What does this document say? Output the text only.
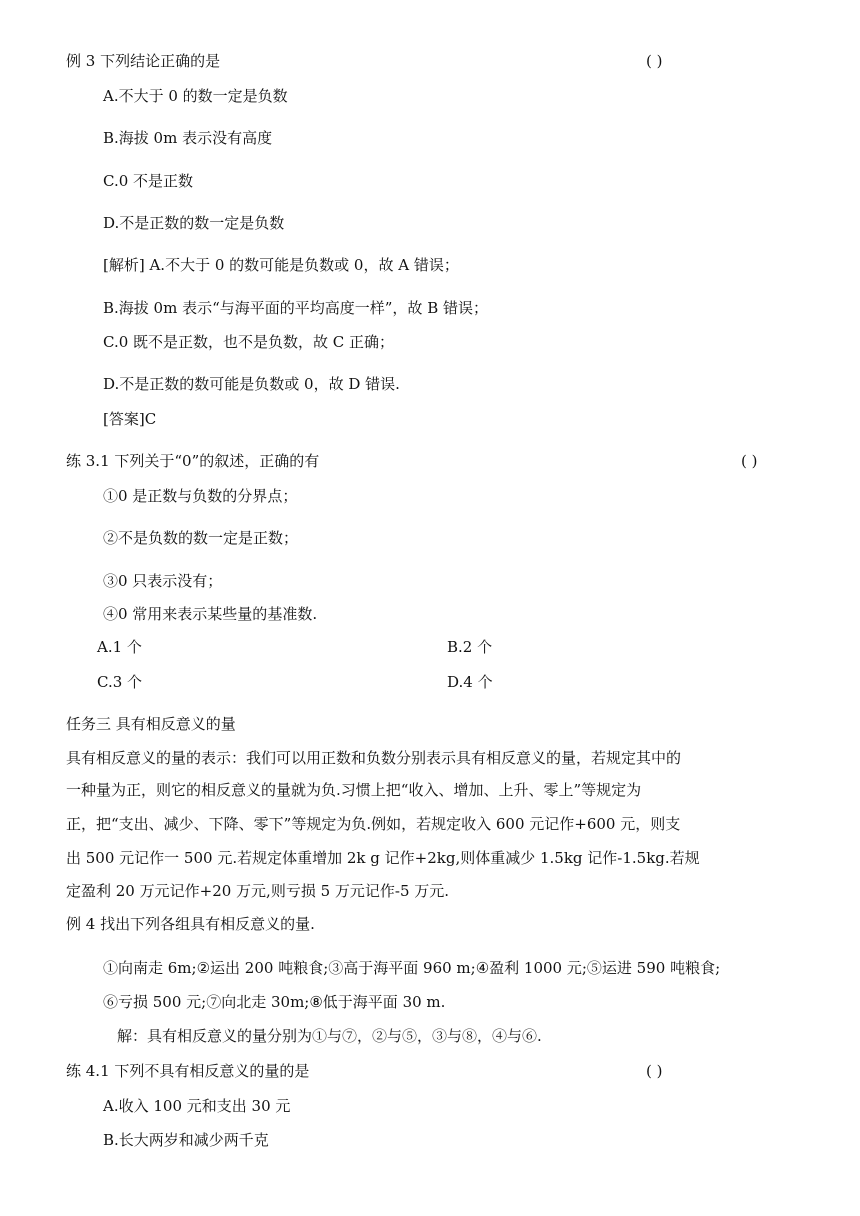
例 3 下列结论正确的是	( )
A.不大于 0 的数一定是负数
B.海拔 0m 表示没有高度
C.0 不是正数
D.不是正数的数一定是负数
[解析] A.不大于 0 的数可能是负数或 0，故 A 错误；
B.海拔 0m 表示“与海平面的平均高度一样”，故 B 错误；
C.0 既不是正数，也不是负数，故 C 正确；
D.不是正数的数可能是负数或 0，故 D 错误.
[答案]C
练 3.1 下列关于“0”的叙述，正确的有	( )
①0 是正数与负数的分界点；
②不是负数的数一定是正数；
③0 只表示没有；
④0 常用来表示某些量的基准数.
A.1 个	B.2 个
C.3 个	D.4 个
任务三 具有相反意义的量
具有相反意义的量的表示：我们可以用正数和负数分别表示具有相反意义的量，若规定其中的
一种量为正，则它的相反意义的量就为负.习惯上把“收入、增加、上升、零上”等规定为
正，把“支出、减少、下降、零下”等规定为负.例如，若规定收入 600 元记作+600 元，则支
出 500 元记作一 500 元.若规定体重增加 2k g 记作+2kg,则体重减少 1.5kg 记作-1.5kg.若规
定盈利 20 万元记作+20 万元,则亏损 5 万元记作-5 万元.
例 4 找出下列各组具有相反意义的量.
①向南走 6m;②运出 200 吨粮食;③高于海平面 960 m;④盈利 1000 元;⑤运进 590 吨粮食;
⑥亏损 500 元;⑦向北走 30m;⑧低于海平面 30 m.
解：具有相反意义的量分别为①与⑦，②与⑤，③与⑧，④与⑥.
练 4.1 下列不具有相反意义的量的是	( )
A.收入 100 元和支出 30 元
B.长大两岁和减少两千克
